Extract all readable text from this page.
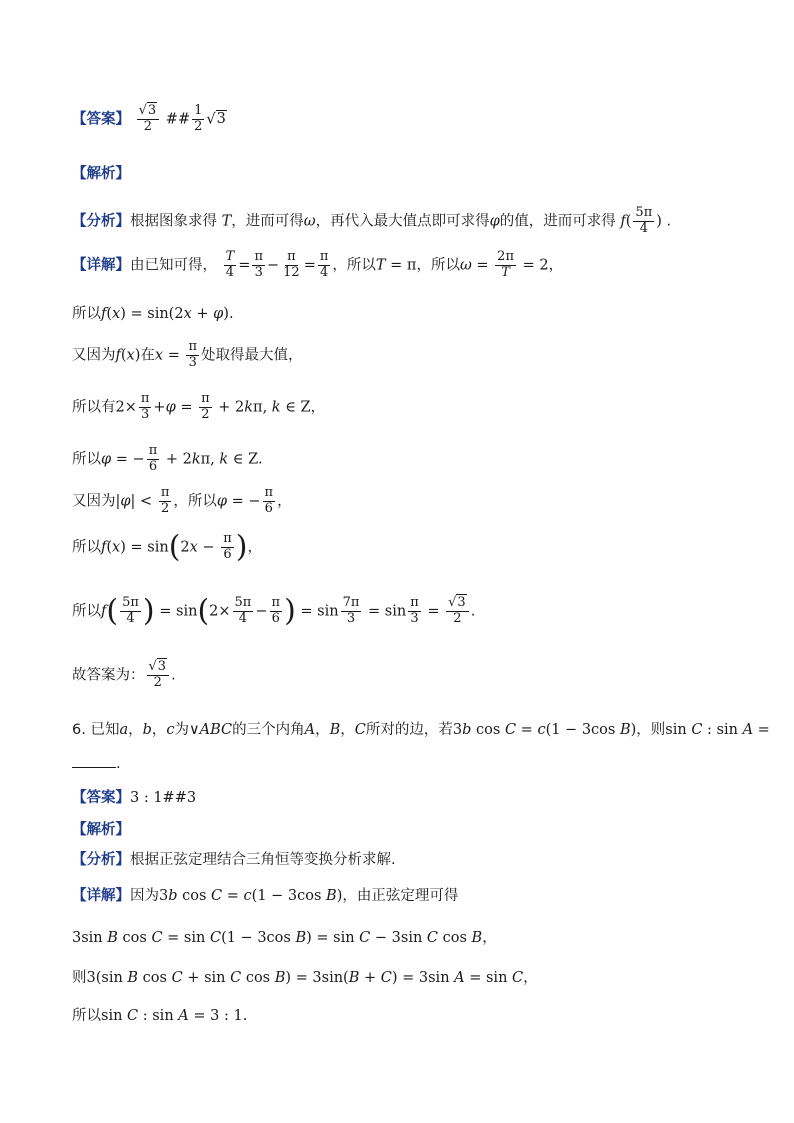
【答案】 $\frac{√3}{2}$ ## $\frac{1}{2} √3$
【解析】
【分析】根据图象求得 T，进而可得ω，再代入最大值点即可求得φ的值，进而可求得 $f( \frac{5\pi}{4}$ ) .
【详解】由已知可得， $\frac{T}{4} = \frac{\pi}{3} - \frac{\pi}{12} = \frac{\pi}{4}$ ，所以T = π，所以$\omega = \frac{2\pi}{T} = 2$，
所以f(x) = sin(2x + φ).
又因为f(x)在$x = \frac{\pi}{3}$ 处取得最大值，
所以有$2\times \frac{\pi}{3} +\varphi = \frac{\pi}{2} + 2k\pi$, k ∈ Z，
所以φ = − $\frac{\pi}{6} + 2k\pi$, k ∈ Z.
又因为$|\varphi| < \frac{\pi}{2}$ ，所以φ = − $\frac{\pi}{6}$ ，
所以$f(x) = \sin(2x - \frac{\pi}{6}$ )，
所以$f( \frac{5\pi}{4}$ ) = $\sin(2\times \frac{5\pi}{4} - \frac{\pi}{6}$ ) = $\sin \frac{7\pi}{3} = \sin \frac{\pi}{3} = \frac{√3}{2}$ .
故答案为： $\frac{√3}{2}$ .
6. 已知a，b，c为∨ABC的三个内角A，B，C所对的边，若3b cos C = c(1 − 3cos B)，则sin C : sin A =
.
【答案】3 : 1##3
【解析】
【分析】根据正弦定理结合三角恒等变换分析求解.
【详解】因为3b cos C = c(1 − 3cos B)，由正弦定理可得
3sin B cos C = sin C(1 − 3cos B) = sin C − 3sin C cos B，
则3(sin B cos C + sin C cos B) = 3sin(B + C) = 3sin A = sin C，
所以sin C : sin A = 3 : 1.
